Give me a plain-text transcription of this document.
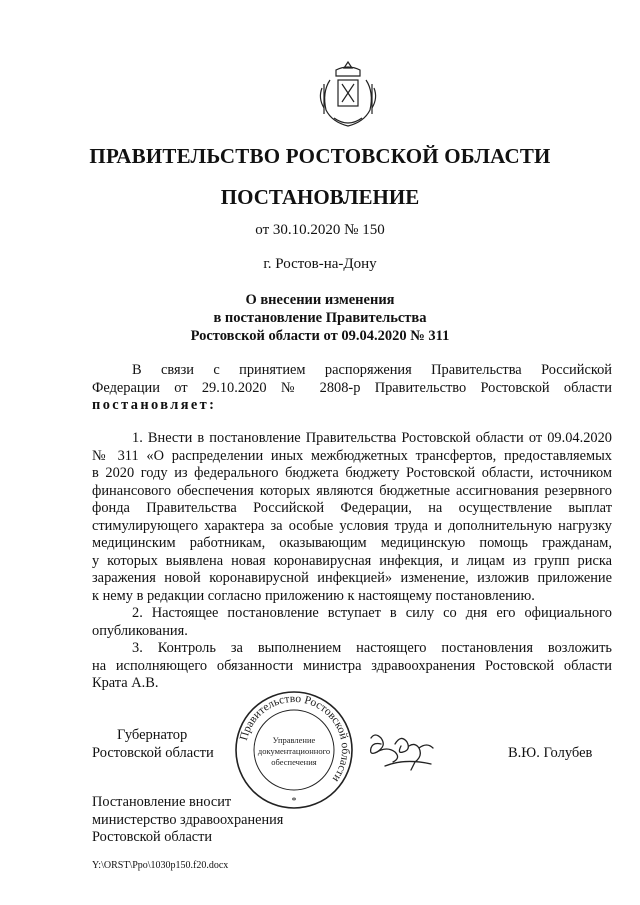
ПРАВИТЕЛЬСТВО РОСТОВСКОЙ ОБЛАСТИ
ПОСТАНОВЛЕНИЕ
от 30.10.2020 № 150
г. Ростов-на-Дону
О внесении изменения
в постановление Правительства
Ростовской области от 09.04.2020 № 311
В связи с принятием распоряжения Правительства Российской
Федерации от 29.10.2020 № 2808-р Правительство Ростовской области
постановляет:
1. Внести в постановление Правительства Ростовской области от 09.04.2020
№ 311 «О распределении иных межбюджетных трансфертов, предоставляемых
в 2020 году из федерального бюджета бюджету Ростовской области, источником
финансового обеспечения которых являются бюджетные ассигнования резервного
фонда Правительства Российской Федерации, на осуществление выплат
стимулирующего характера за особые условия труда и дополнительную нагрузку
медицинским работникам, оказывающим медицинскую помощь гражданам,
у которых выявлена новая коронавирусная инфекция, и лицам из групп риска
заражения новой коронавирусной инфекцией» изменение, изложив приложение
к нему в редакции согласно приложению к настоящему постановлению.
2. Настоящее постановление вступает в силу со дня его официального
опубликования.
3. Контроль за выполнением настоящего постановления возложить
на исполняющего обязанности министра здравоохранения Ростовской области
Крата А.В.
Губернатор
Ростовской области	В.Ю. Голубев
Правительство Ростовской области
Управление
документационного
обеспечения
*
Постановление вносит
министерство здравоохранения
Ростовской области
Y:\ORST\Ppo\1030p150.f20.docx
